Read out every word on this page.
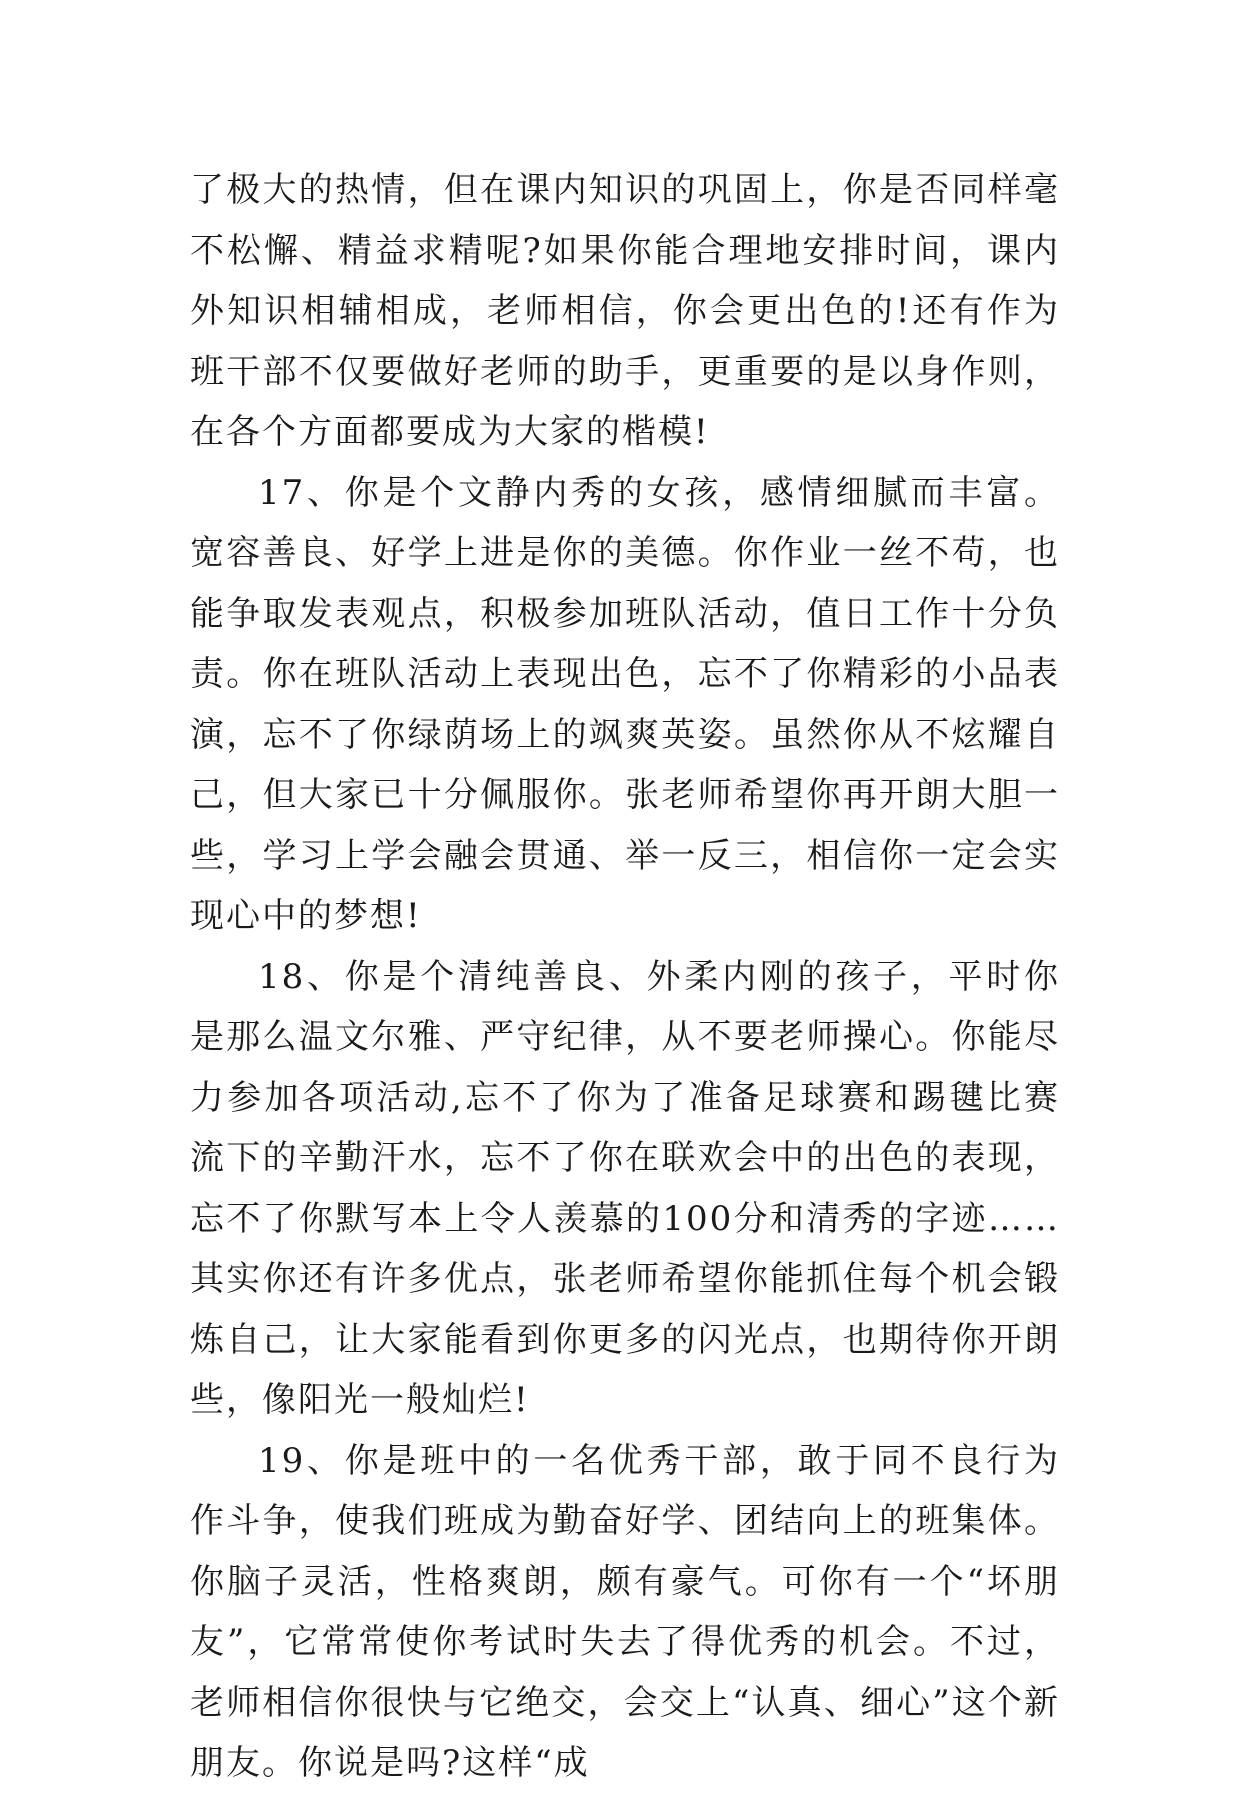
了极大的热情，但在课内知识的巩固上，你是否同样毫不松懈、精益求精呢?如果你能合理地安排时间，课内外知识相辅相成，老师相信，你会更出色的!还有作为班干部不仅要做好老师的助手，更重要的是以身作则，在各个方面都要成为大家的楷模!

17、你是个文静内秀的女孩，感情细腻而丰富。宽容善良、好学上进是你的美德。你作业一丝不苟，也能争取发表观点，积极参加班队活动，值日工作十分负责。你在班队活动上表现出色，忘不了你精彩的小品表演，忘不了你绿荫场上的飒爽英姿。虽然你从不炫耀自己，但大家已十分佩服你。张老师希望你再开朗大胆一些，学习上学会融会贯通、举一反三，相信你一定会实现心中的梦想!

18、你是个清纯善良、外柔内刚的孩子，平时你是那么温文尔雅、严守纪律，从不要老师操心。你能尽力参加各项活动,忘不了你为了准备足球赛和踢毽比赛流下的辛勤汗水，忘不了你在联欢会中的出色的表现，忘不了你默写本上令人羡慕的100分和清秀的字迹……其实你还有许多优点，张老师希望你能抓住每个机会锻炼自己，让大家能看到你更多的闪光点，也期待你开朗些，像阳光一般灿烂!

19、你是班中的一名优秀干部，敢于同不良行为作斗争，使我们班成为勤奋好学、团结向上的班集体。你脑子灵活，性格爽朗，颇有豪气。可你有一个“坏朋友”，它常常使你考试时失去了得优秀的机会。不过，老师相信你很快与它绝交，会交上“认真、细心”这个新朋友。你说是吗?这样“成
